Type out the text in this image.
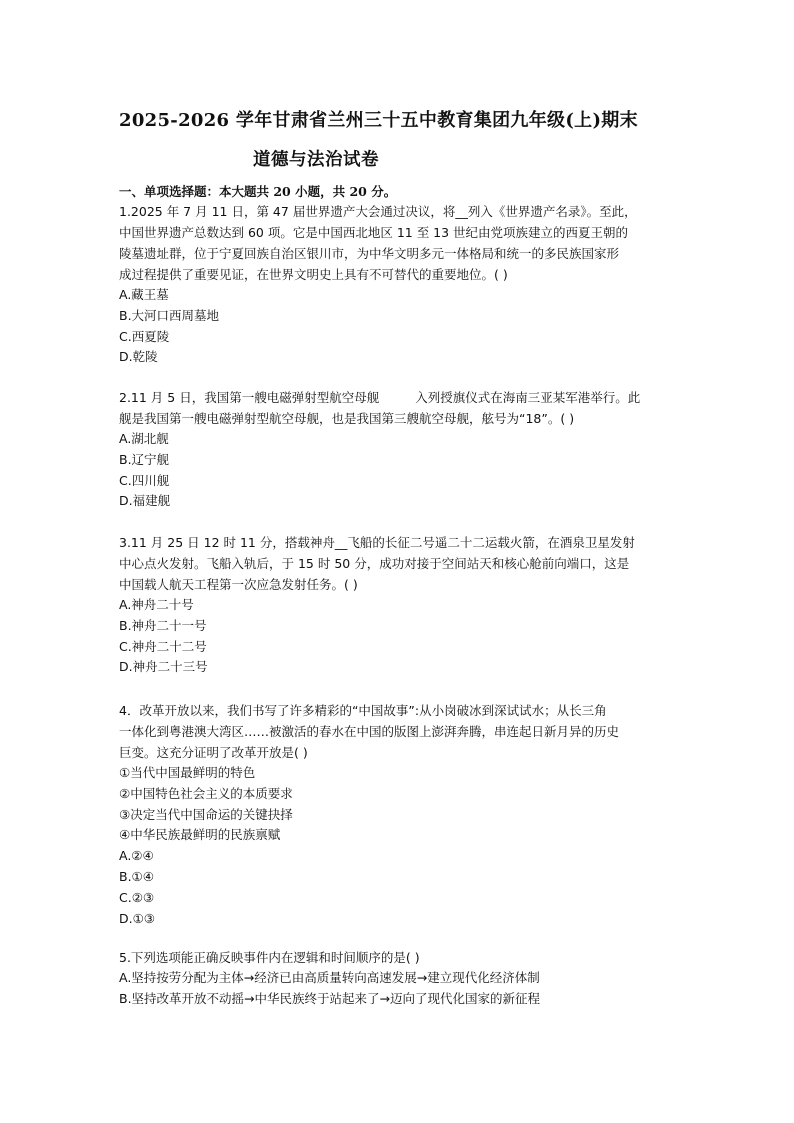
2025-2026 学年甘肃省兰州三十五中教育集团九年级(上)期末
道德与法治试卷
一、单项选择题：本大题共 20 小题，共 20 分。
1.2025 年 7 月 11 日，第 47 届世界遗产大会通过决议，将__列入《世界遗产名录》。至此，
中国世界遗产总数达到 60 项。它是中国西北地区 11 至 13 世纪由党项族建立的西夏王朝的
陵墓遗址群，位于宁夏回族自治区银川市，为中华文明多元一体格局和统一的多民族国家形
成过程提供了重要见证，在世界文明史上具有不可替代的重要地位。( )
A.藏王墓
B.大河口西周墓地
C.西夏陵
D.乾陵
2.11 月 5 日，我国第一艘电磁弹射型航空母舰	入列授旗仪式在海南三亚某军港举行。此
舰是我国第一艘电磁弹射型航空母舰，也是我国第三艘航空母舰，舷号为“18”。( )
A.湖北舰
B.辽宁舰
C.四川舰
D.福建舰
3.11 月 25 日 12 时 11 分，搭载神舟__飞船的长征二号遥二十二运载火箭，在酒泉卫星发射
中心点火发射。飞船入轨后，于 15 时 50 分，成功对接于空间站天和核心舱前向端口，这是
中国载人航天工程第一次应急发射任务。( )
A.神舟二十号
B.神舟二十一号
C.神舟二十二号
D.神舟二十三号
4．改革开放以来，我们书写了许多精彩的“中国故事”:从小岗破冰到深试试水；从长三角
一体化到粤港澳大湾区……被激活的春水在中国的版图上澎湃奔腾，串连起日新月异的历史
巨变。这充分证明了改革开放是( )
①当代中国最鲜明的特色
②中国特色社会主义的本质要求
③决定当代中国命运的关键抉择
④中华民族最鲜明的民族禀赋
A.②④
B.①④
C.②③
D.①③
5.下列选项能正确反映事件内在逻辑和时间顺序的是( )
A.坚持按劳分配为主体→经济已由高质量转向高速发展→建立现代化经济体制
B.坚持改革开放不动摇→中华民族终于站起来了→迈向了现代化国家的新征程
